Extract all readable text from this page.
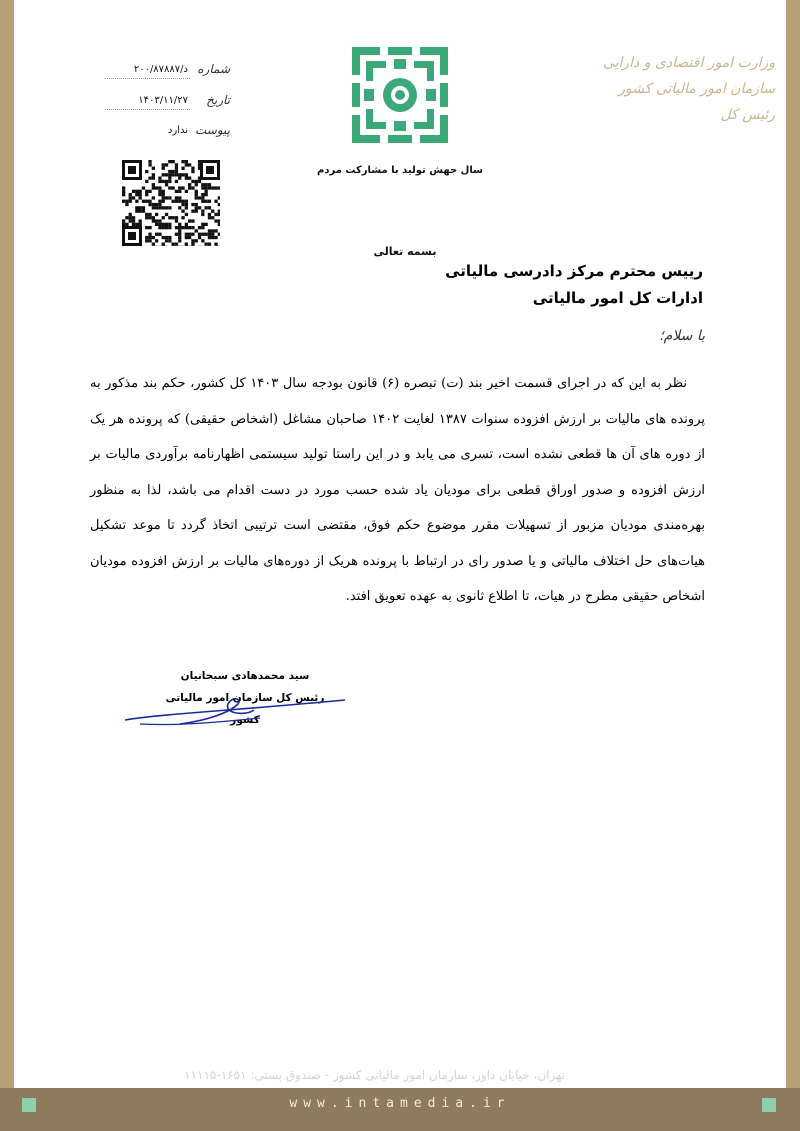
وزارت امور اقتصادی و دارایی
سازمان امور مالیاتی کشور
رئیس کل
سال جهش تولید با مشارکت مردم
شماره
د/۲۰۰/۸۷۸۸۷
تاریخ
۱۴۰۳/۱۱/۲۷
پیوست
ندارد
بسمه تعالی
رییس محترم مرکز دادرسی مالیاتی
ادارات کل امور مالیاتی
با سلام؛
نظر به این که در اجرای قسمت اخیر بند (ت) تبصره (۶) قانون بودجه سال ۱۴۰۳ کل کشور، حکم بند مذکور به پرونده های مالیات بر ارزش افزوده سنوات ۱۳۸۷ لغایت ۱۴۰۲ صاحبان مشاغل (اشخاص حقیقی) که پرونده هر یک از دوره های آن ها قطعی نشده است، تسری می یابد و در این راستا تولید سیستمی اظهارنامه برآوردی مالیات بر ارزش افزوده و صدور اوراق قطعی برای مودیان یاد شده حسب مورد در دست اقدام می باشد، لذا به منظور بهره‌مندی مودیان مزبور از تسهیلات مقرر موضوع حکم فوق، مقتضی است ترتیبی اتخاذ گردد تا موعد تشکیل هیات‌های حل اختلاف مالیاتی و یا صدور رای در ارتباط با پرونده هریک از دوره‌های مالیات بر ارزش افزوده مودیان اشخاص حقیقی مطرح در هیات، تا اطلاع ثانوی به عهده تعویق افتد.
سید محمدهادی سبحانیان
رئیس کل سازمان امور مالیاتی کشور
تهران، خیابان داور، سازمان امور مالیاتی کشور - صندوق پستی: ۱۶۵۱-۱۱۱۱۵
www.intamedia.ir
